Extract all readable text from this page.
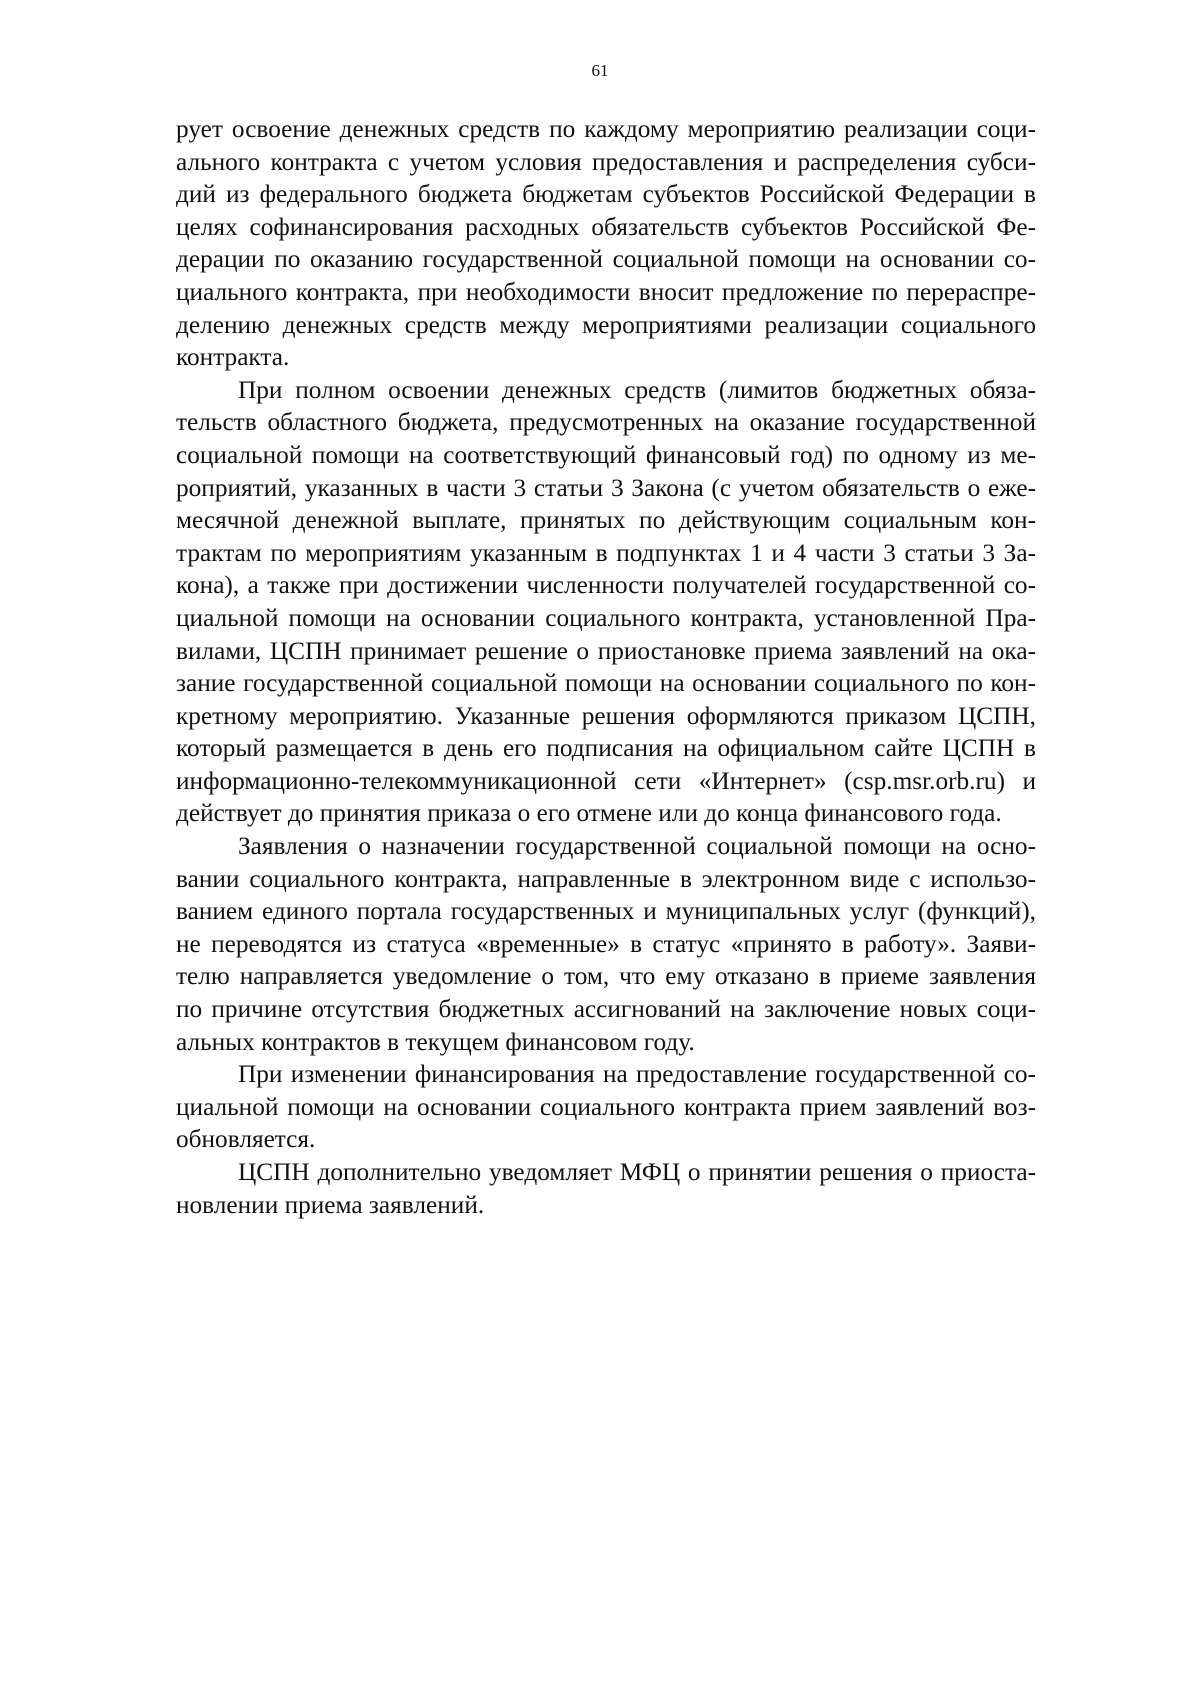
61
рует освоение денежных средств по каждому мероприятию реализации соци-
ального контракта с учетом условия предоставления и распределения субси-
дий из федерального бюджета бюджетам субъектов Российской Федерации в
целях софинансирования расходных обязательств субъектов Российской Фе-
дерации по оказанию государственной социальной помощи на основании со-
циального контракта, при необходимости вносит предложение по перераспре-
делению денежных средств между мероприятиями реализации социального
контракта.
При полном освоении денежных средств (лимитов бюджетных обяза-
тельств областного бюджета, предусмотренных на оказание государственной
социальной помощи на соответствующий финансовый год) по одному из ме-
роприятий, указанных в части 3 статьи 3 Закона (с учетом обязательств о еже-
месячной денежной выплате, принятых по действующим социальным кон-
трактам по мероприятиям указанным в подпунктах 1 и 4 части 3 статьи 3 За-
кона), а также при достижении численности получателей государственной со-
циальной помощи на основании социального контракта, установленной Пра-
вилами, ЦСПН принимает решение о приостановке приема заявлений на ока-
зание государственной социальной помощи на основании социального по кон-
кретному мероприятию. Указанные решения оформляются приказом ЦСПН,
который размещается в день его подписания на официальном сайте ЦСПН в
информационно-телекоммуникационной сети «Интернет» (csp.msr.orb.ru) и
действует до принятия приказа о его отмене или до конца финансового года.
Заявления о назначении государственной социальной помощи на осно-
вании социального контракта, направленные в электронном виде с использо-
ванием единого портала государственных и муниципальных услуг (функций),
не переводятся из статуса «временные» в статус «принято в работу». Заяви-
телю направляется уведомление о том, что ему отказано в приеме заявления
по причине отсутствия бюджетных ассигнований на заключение новых соци-
альных контрактов в текущем финансовом году.
При изменении финансирования на предоставление государственной со-
циальной помощи на основании социального контракта прием заявлений воз-
обновляется.
ЦСПН дополнительно уведомляет МФЦ о принятии решения о приоста-
новлении приема заявлений.
